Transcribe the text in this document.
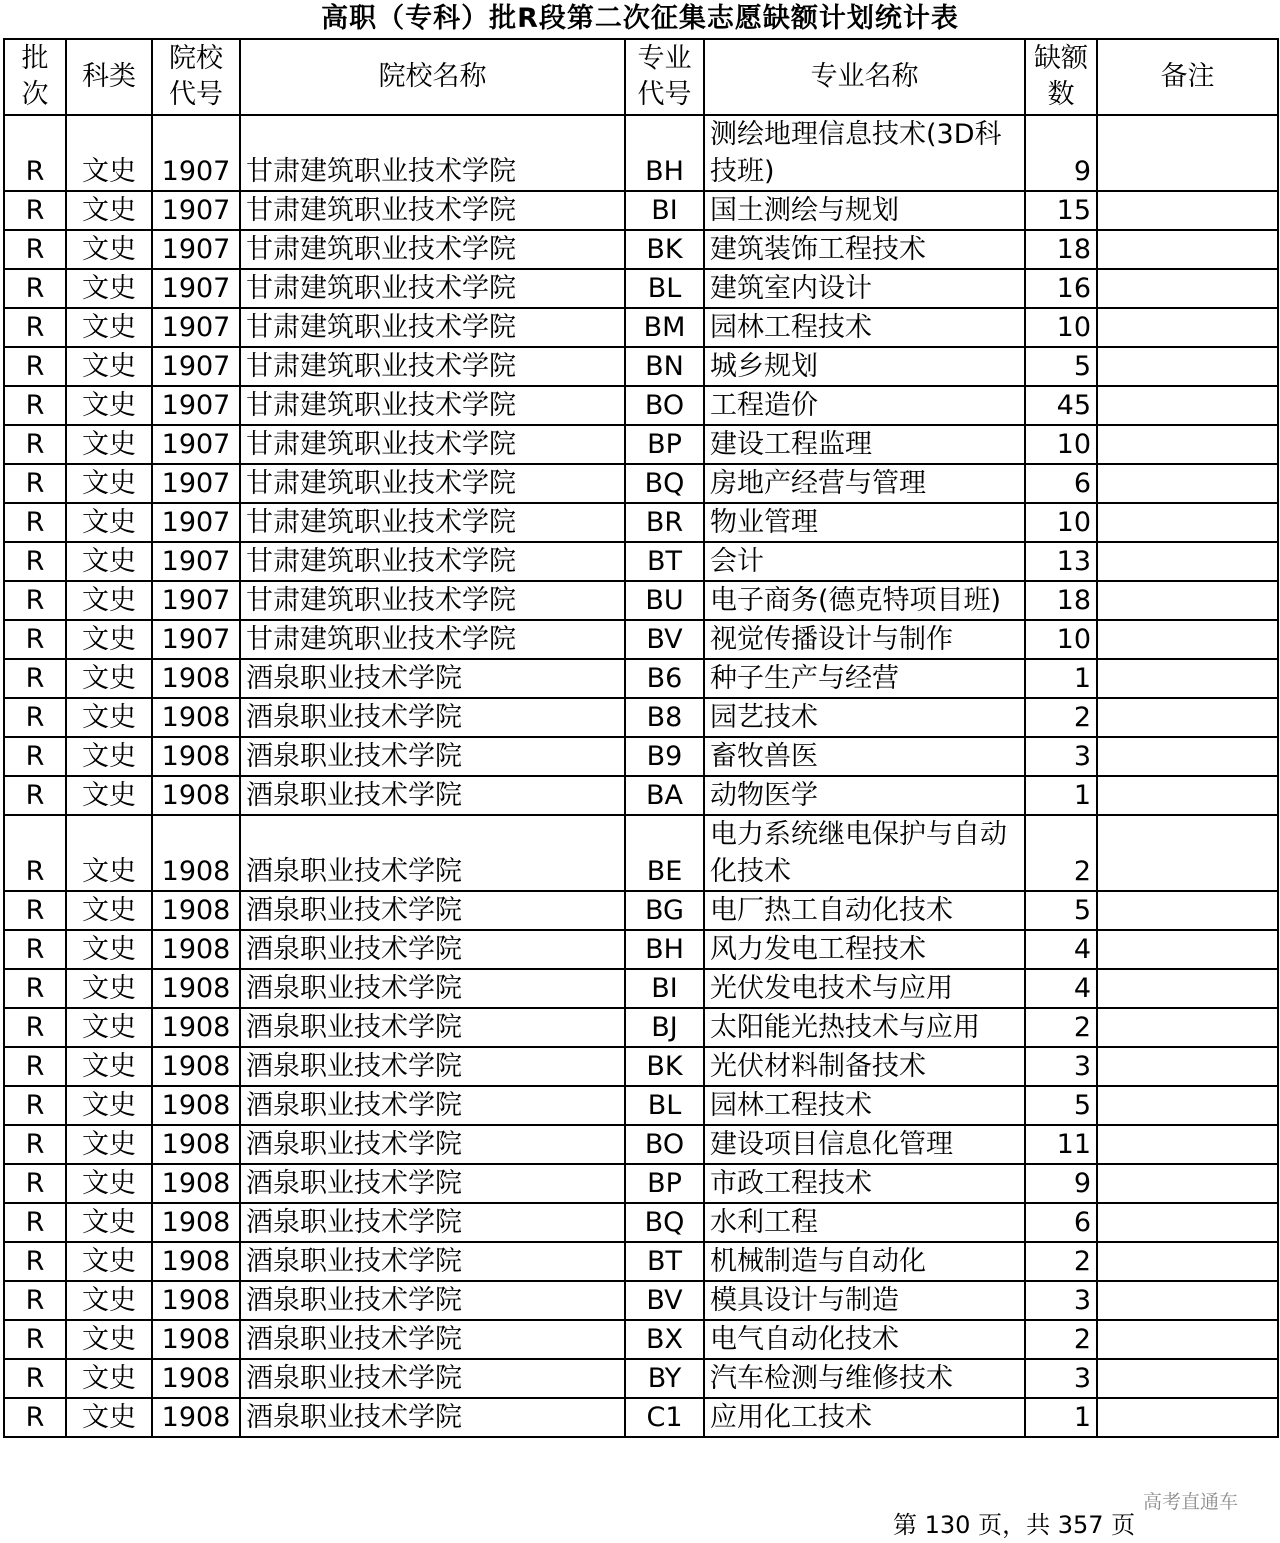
高职（专科）批R段第二次征集志愿缺额计划统计表
批次	科类	院校代号	院校名称	专业代号	专业名称	缺额数	备注
R	文史	1907	甘肃建筑职业技术学院	BH	测绘地理信息技术(3D科技班)	9	
R	文史	1907	甘肃建筑职业技术学院	BI	国土测绘与规划	15	
R	文史	1907	甘肃建筑职业技术学院	BK	建筑装饰工程技术	18	
R	文史	1907	甘肃建筑职业技术学院	BL	建筑室内设计	16	
R	文史	1907	甘肃建筑职业技术学院	BM	园林工程技术	10	
R	文史	1907	甘肃建筑职业技术学院	BN	城乡规划	5	
R	文史	1907	甘肃建筑职业技术学院	BO	工程造价	45	
R	文史	1907	甘肃建筑职业技术学院	BP	建设工程监理	10	
R	文史	1907	甘肃建筑职业技术学院	BQ	房地产经营与管理	6	
R	文史	1907	甘肃建筑职业技术学院	BR	物业管理	10	
R	文史	1907	甘肃建筑职业技术学院	BT	会计	13	
R	文史	1907	甘肃建筑职业技术学院	BU	电子商务(德克特项目班)	18	
R	文史	1907	甘肃建筑职业技术学院	BV	视觉传播设计与制作	10	
R	文史	1908	酒泉职业技术学院	B6	种子生产与经营	1	
R	文史	1908	酒泉职业技术学院	B8	园艺技术	2	
R	文史	1908	酒泉职业技术学院	B9	畜牧兽医	3	
R	文史	1908	酒泉职业技术学院	BA	动物医学	1	
R	文史	1908	酒泉职业技术学院	BE	电力系统继电保护与自动化技术	2	
R	文史	1908	酒泉职业技术学院	BG	电厂热工自动化技术	5	
R	文史	1908	酒泉职业技术学院	BH	风力发电工程技术	4	
R	文史	1908	酒泉职业技术学院	BI	光伏发电技术与应用	4	
R	文史	1908	酒泉职业技术学院	BJ	太阳能光热技术与应用	2	
R	文史	1908	酒泉职业技术学院	BK	光伏材料制备技术	3	
R	文史	1908	酒泉职业技术学院	BL	园林工程技术	5	
R	文史	1908	酒泉职业技术学院	BO	建设项目信息化管理	11	
R	文史	1908	酒泉职业技术学院	BP	市政工程技术	9	
R	文史	1908	酒泉职业技术学院	BQ	水利工程	6	
R	文史	1908	酒泉职业技术学院	BT	机械制造与自动化	2	
R	文史	1908	酒泉职业技术学院	BV	模具设计与制造	3	
R	文史	1908	酒泉职业技术学院	BX	电气自动化技术	2	
R	文史	1908	酒泉职业技术学院	BY	汽车检测与维修技术	3	
R	文史	1908	酒泉职业技术学院	C1	应用化工技术	1	
高考直通车
第 130 页，共 357 页
